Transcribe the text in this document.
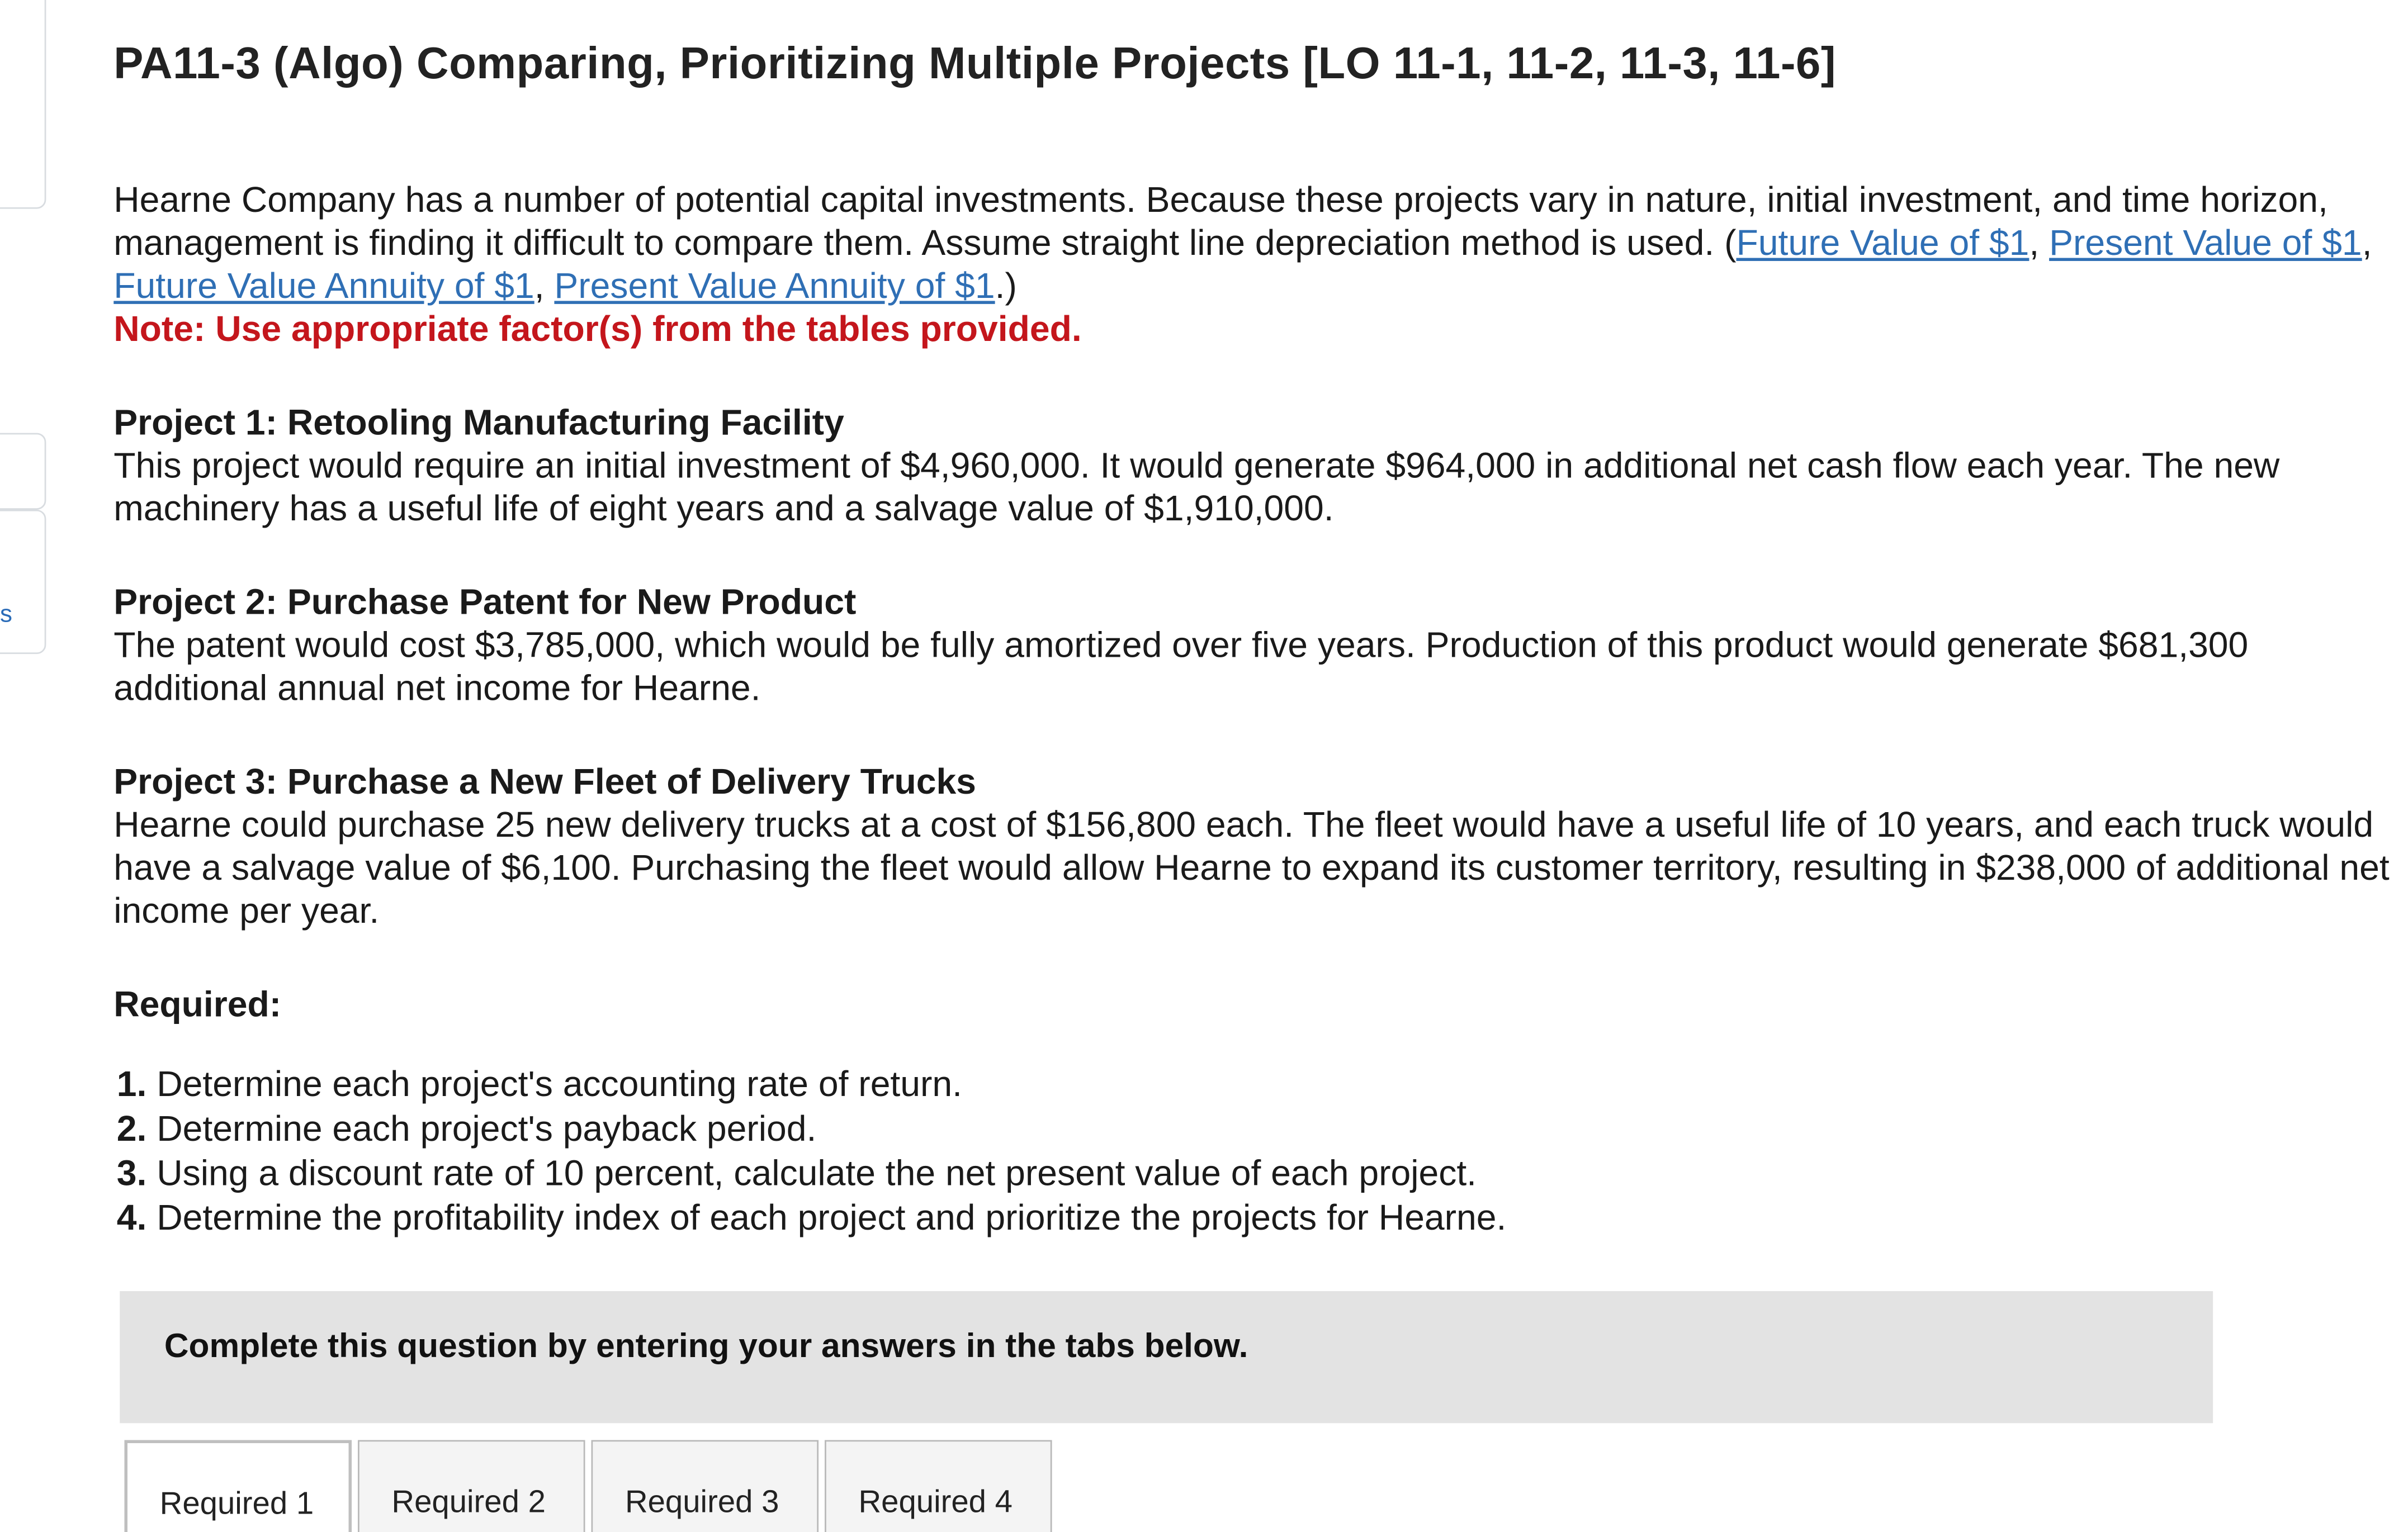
s
PA11-3 (Algo) Comparing, Prioritizing Multiple Projects [LO 11-1, 11-2, 11-3, 11-6]

Hearne Company has a number of potential capital investments. Because these projects vary in nature, initial investment, and time horizon, management is finding it difficult to compare them. Assume straight line depreciation method is used. (Future Value of $1, Present Value of $1, Future Value Annuity of $1, Present Value Annuity of $1.)
Note: Use appropriate factor(s) from the tables provided.

Project 1: Retooling Manufacturing Facility
This project would require an initial investment of $4,960,000. It would generate $964,000 in additional net cash flow each year. The new machinery has a useful life of eight years and a salvage value of $1,910,000.

Project 2: Purchase Patent for New Product
The patent would cost $3,785,000, which would be fully amortized over five years. Production of this product would generate $681,300 additional annual net income for Hearne.

Project 3: Purchase a New Fleet of Delivery Trucks
Hearne could purchase 25 new delivery trucks at a cost of $156,800 each. The fleet would have a useful life of 10 years, and each truck would have a salvage value of $6,100. Purchasing the fleet would allow Hearne to expand its customer territory, resulting in $238,000 of additional net income per year.

Required:

1. Determine each project's accounting rate of return.
2. Determine each project's payback period.
3. Using a discount rate of 10 percent, calculate the net present value of each project.
4. Determine the profitability index of each project and prioritize the projects for Hearne.
Complete this question by entering your answers in the tabs below.
Required 1	Required 2	Required 3	Required 4
